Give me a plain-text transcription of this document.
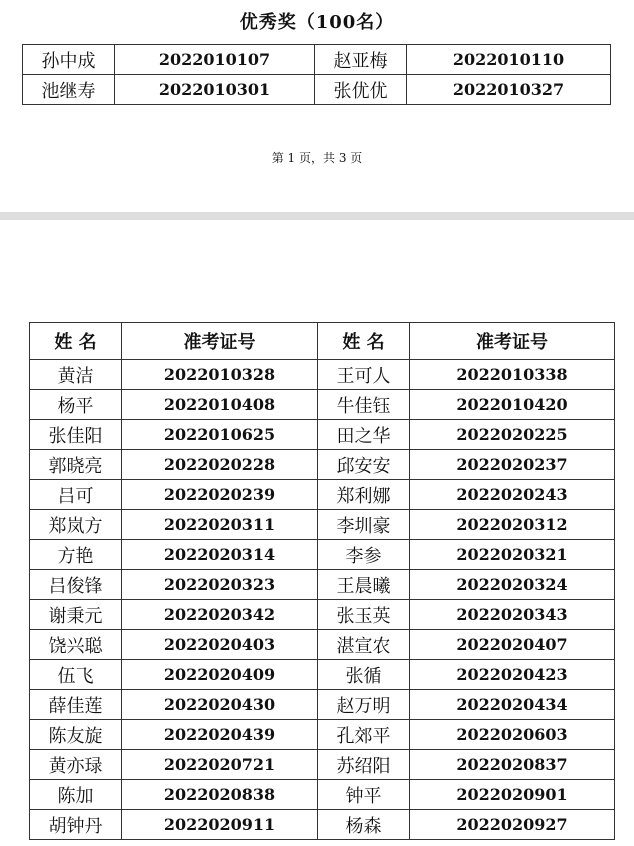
优秀奖（100名）
孙中成	2022010107	赵亚梅	2022010110
池继寿	2022010301	张优优	2022010327
第 1 页，共 3 页
姓 名	准考证号	姓 名	准考证号
黄洁	2022010328	王可人	2022010338
杨平	2022010408	牛佳钰	2022010420
张佳阳	2022010625	田之华	2022020225
郭晓亮	2022020228	邱安安	2022020237
吕可	2022020239	郑利娜	2022020243
郑岚方	2022020311	李圳豪	2022020312
方艳	2022020314	李参	2022020321
吕俊锋	2022020323	王晨曦	2022020324
谢秉元	2022020342	张玉英	2022020343
饶兴聪	2022020403	湛宣农	2022020407
伍飞	2022020409	张循	2022020423
薛佳莲	2022020430	赵万明	2022020434
陈友旋	2022020439	孔郊平	2022020603
黄亦琭	2022020721	苏绍阳	2022020837
陈加	2022020838	钟平	2022020901
胡钟丹	2022020911	杨森	2022020927
